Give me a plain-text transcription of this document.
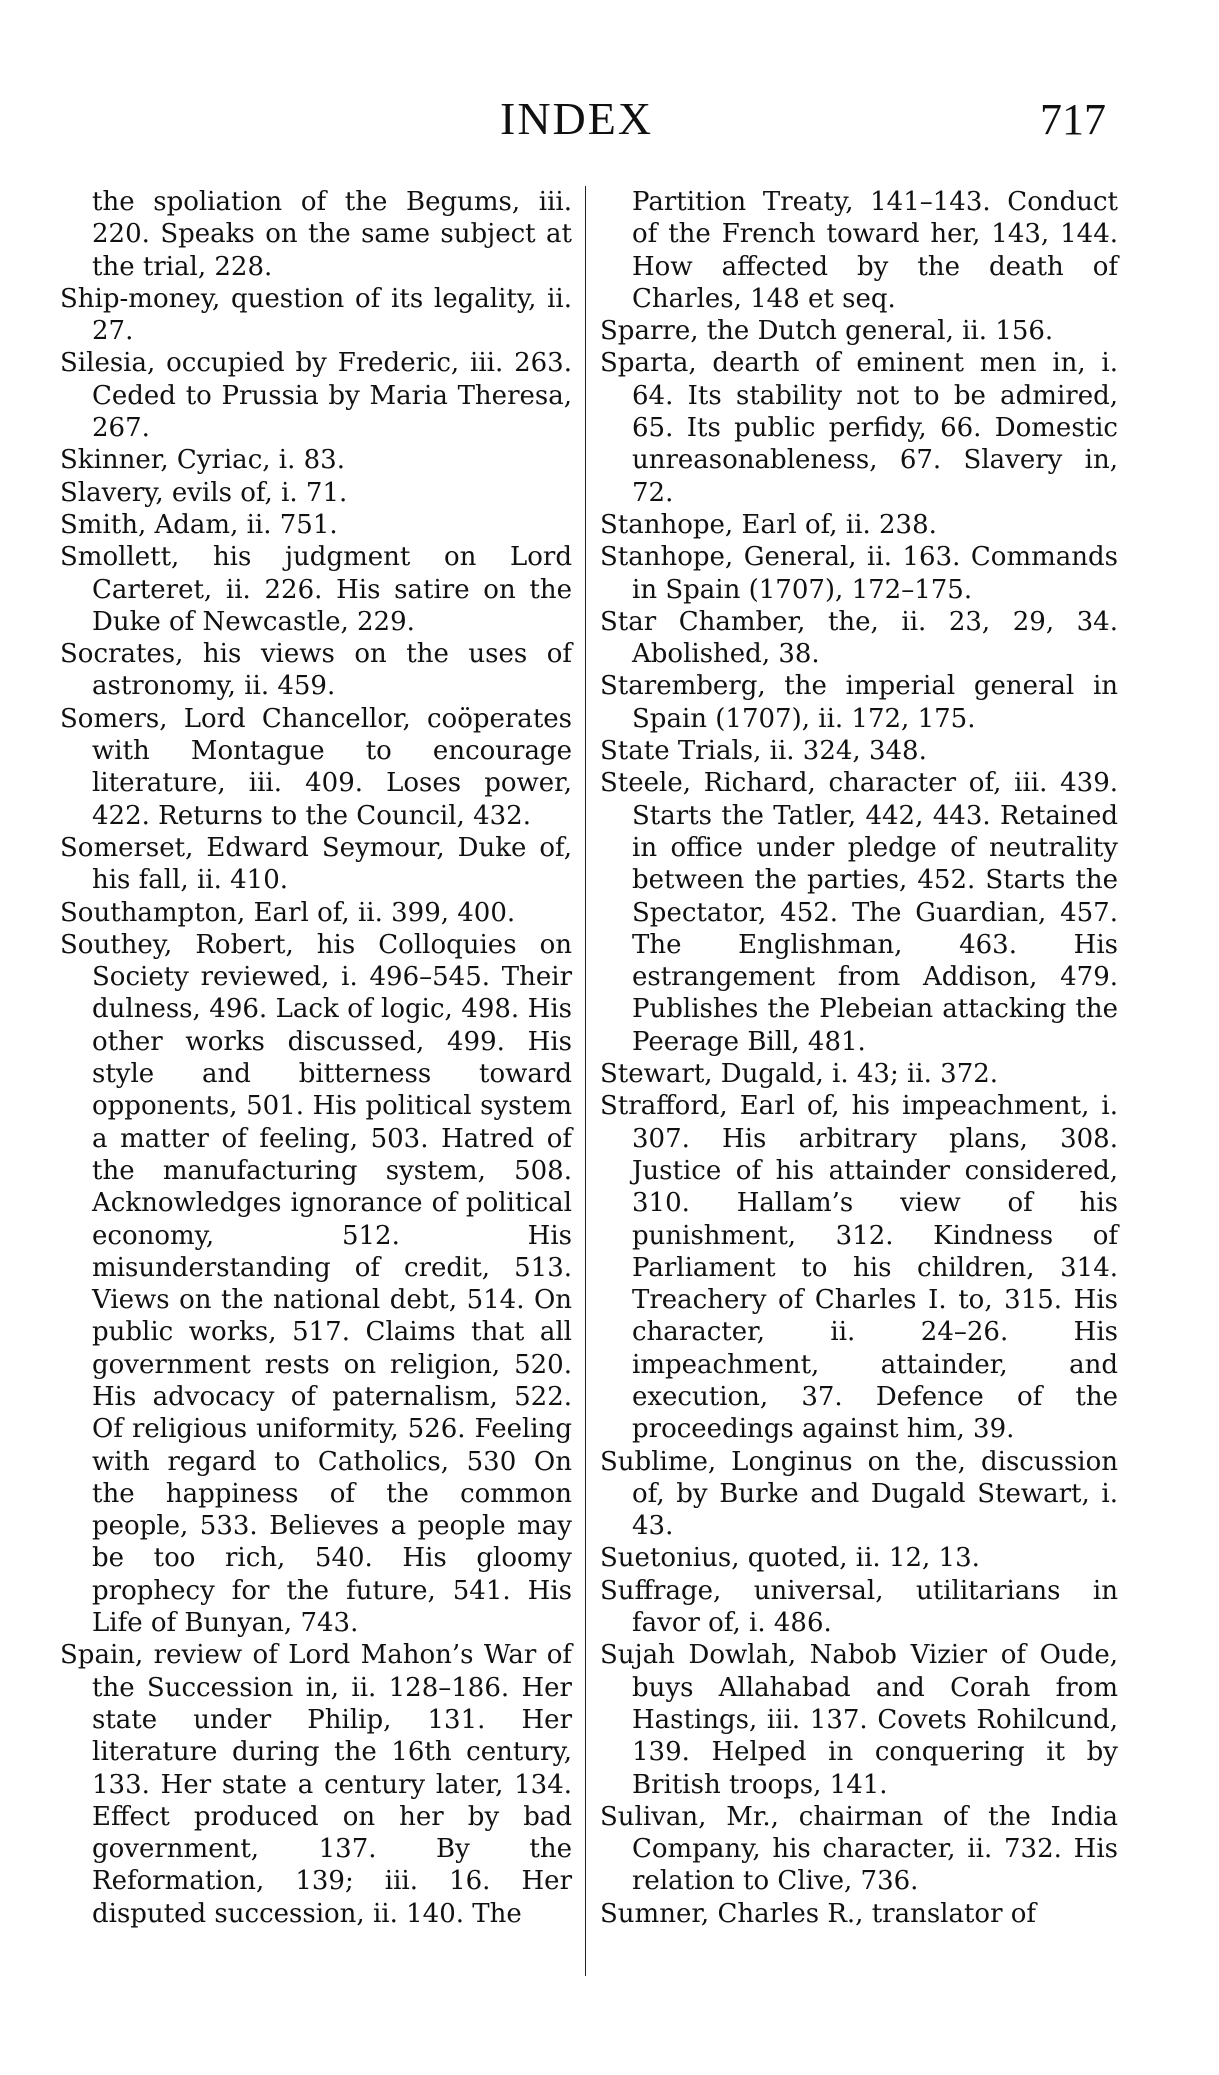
INDEX	717

the spoliation of the Begums, iii. 220. Speaks on the same subject at the trial, 228.

Ship-money, question of its legality, ii. 27.

Silesia, occupied by Frederic, iii. 263. Ceded to Prussia by Maria Theresa, 267.

Skinner, Cyriac, i. 83.

Slavery, evils of, i. 71.

Smith, Adam, ii. 751.

Smollett, his judgment on Lord Carteret, ii. 226. His satire on the Duke of Newcastle, 229.

Socrates, his views on the uses of astronomy, ii. 459.

Somers, Lord Chancellor, coöperates with Montague to encourage literature, iii. 409. Loses power, 422. Returns to the Council, 432.

Somerset, Edward Seymour, Duke of, his fall, ii. 410.

Southampton, Earl of, ii. 399, 400.

Southey, Robert, his Colloquies on Society reviewed, i. 496–545. Their dulness, 496. Lack of logic, 498. His other works discussed, 499. His style and bitterness toward opponents, 501. His political system a matter of feeling, 503. Hatred of the manufacturing system, 508. Acknowledges ignorance of political economy, 512. His misunderstanding of credit, 513. Views on the national debt, 514. On public works, 517. Claims that all government rests on religion, 520. His advocacy of paternalism, 522. Of religious uniformity, 526. Feeling with regard to Catholics, 530 On the happiness of the common people, 533. Believes a people may be too rich, 540. His gloomy prophecy for the future, 541. His Life of Bunyan, 743.

Spain, review of Lord Mahon’s War of the Succession in, ii. 128–186. Her state under Philip, 131. Her literature during the 16th century, 133. Her state a century later, 134. Effect produced on her by bad government, 137. By the Reformation, 139; iii. 16. Her disputed succession, ii. 140. The

Partition Treaty, 141–143. Conduct of the French toward her, 143, 144. How affected by the death of Charles, 148 et seq.

Sparre, the Dutch general, ii. 156.

Sparta, dearth of eminent men in, i. 64. Its stability not to be admired, 65. Its public perfidy, 66. Domestic unreasonableness, 67. Slavery in, 72.

Stanhope, Earl of, ii. 238.

Stanhope, General, ii. 163. Commands in Spain (1707), 172–175.

Star Chamber, the, ii. 23, 29, 34. Abolished, 38.

Staremberg, the imperial general in Spain (1707), ii. 172, 175.

State Trials, ii. 324, 348.

Steele, Richard, character of, iii. 439. Starts the Tatler, 442, 443. Retained in office under pledge of neutrality between the parties, 452. Starts the Spectator, 452. The Guardian, 457. The Englishman, 463. His estrangement from Addison, 479. Publishes the Plebeian attacking the Peerage Bill, 481.

Stewart, Dugald, i. 43; ii. 372.

Strafford, Earl of, his impeachment, i. 307. His arbitrary plans, 308. Justice of his attainder considered, 310. Hallam’s view of his punishment, 312. Kindness of Parliament to his children, 314. Treachery of Charles I. to, 315. His character, ii. 24–26. His impeachment, attainder, and execution, 37. Defence of the proceedings against him, 39.

Sublime, Longinus on the, discussion of, by Burke and Dugald Stewart, i. 43.

Suetonius, quoted, ii. 12, 13.

Suffrage, universal, utilitarians in favor of, i. 486.

Sujah Dowlah, Nabob Vizier of Oude, buys Allahabad and Corah from Hastings, iii. 137. Covets Rohilcund, 139. Helped in conquering it by British troops, 141.

Sulivan, Mr., chairman of the India Company, his character, ii. 732. His relation to Clive, 736.

Sumner, Charles R., translator of
